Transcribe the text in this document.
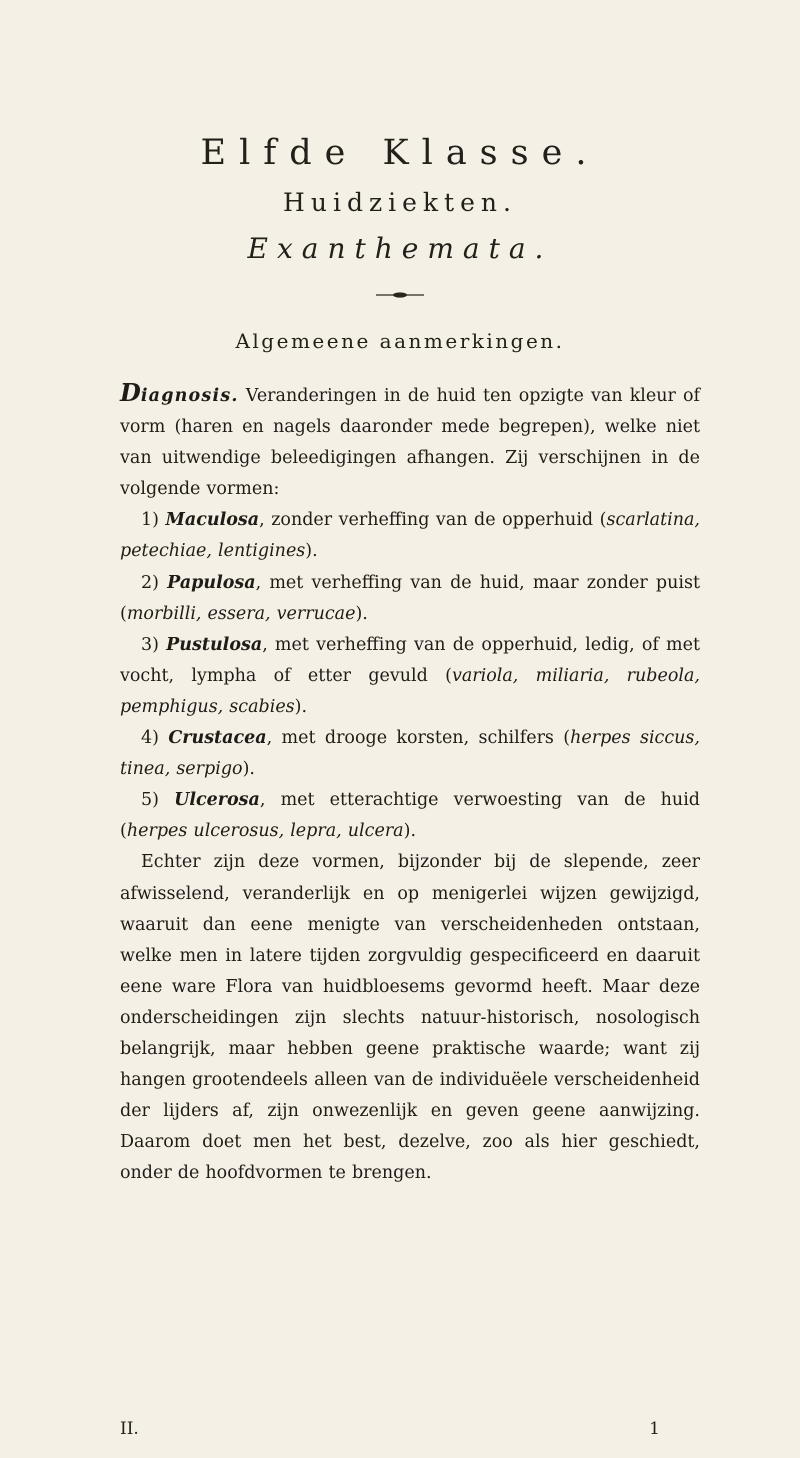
Elfde Klasse.
Huidziekten.
Exanthemata.
Algemeene aanmerkingen.

Diagnosis. Veranderingen in de huid ten opzigte van kleur of vorm (haren en nagels daaronder mede begrepen), welke niet van uitwendige beleedigingen afhangen. Zij verschijnen in de volgende vormen:

1) Maculosa, zonder verheffing van de opperhuid (scarlatina, petechiae, lentigines).

2) Papulosa, met verheffing van de huid, maar zonder puist (morbilli, essera, verrucae).

3) Pustulosa, met verheffing van de opperhuid, ledig, of met vocht, lympha of etter gevuld (variola, miliaria, rubeola, pemphigus, scabies).

4) Crustacea, met drooge korsten, schilfers (herpes siccus, tinea, serpigo).

5) Ulcerosa, met etterachtige verwoesting van de huid (herpes ulcerosus, lepra, ulcera).

Echter zijn deze vormen, bijzonder bij de slepende, zeer afwisselend, veranderlijk en op menigerlei wijzen gewijzigd, waaruit dan eene menigte van verscheidenheden ontstaan, welke men in latere tijden zorgvuldig gespecificeerd en daaruit eene ware Flora van huidbloesems gevormd heeft. Maar deze onderscheidingen zijn slechts natuur-historisch, nosologisch belangrijk, maar hebben geene praktische waarde; want zij hangen grootendeels alleen van de individuëele verscheidenheid der lijders af, zijn onwezenlijk en geven geene aanwijzing. Daarom doet men het best, dezelve, zoo als hier geschiedt, onder de hoofdvormen te brengen.

II.	1
